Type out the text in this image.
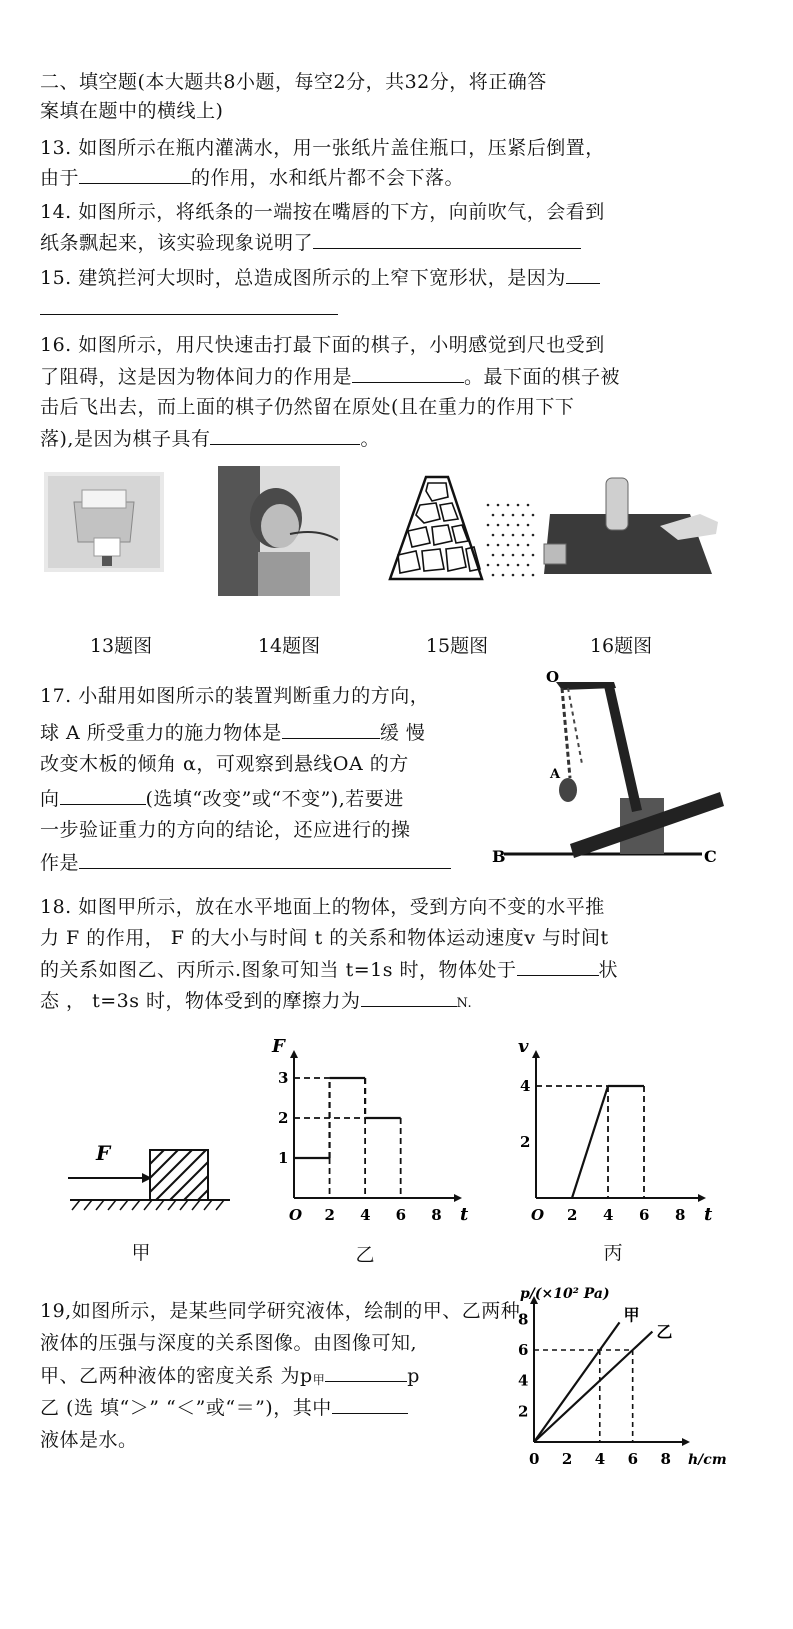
二、填空题(本大题共8小题，每空2分，共32分，将正确答
案填在题中的横线上)
13. 如图所示在瓶内灌满水，用一张纸片盖住瓶口，压紧后倒置，
由于	的作用，水和纸片都不会下落。
14. 如图所示，将纸条的一端按在嘴唇的下方，向前吹气，会看到
纸条飘起来，该实验现象说明了
15. 建筑拦河大坝时，总造成图所示的上窄下宽形状，是因为
16. 如图所示，用尺快速击打最下面的棋子，小明感觉到尺也受到
了阻碍，这是因为物体间力的作用是	。最下面的棋子被
击后飞出去，而上面的棋子仍然留在原处(且在重力的作用下下
落),是因为棋子具有	。
13题图	14题图	15题图	16题图
17. 小甜用如图所示的装置判断重力的方向，
球 A 所受重力的施力物体是	缓 慢
改变木板的倾角 α，可观察到悬线OA 的方
向	(选填“改变”或“不变”),若要进
一步验证重力的方向的结论，还应进行的操
作是	B	C
O
A
18. 如图甲所示，放在水平地面上的物体，受到方向不变的水平推
力 F 的作用， F 的大小与时间 t 的关系和物体运动速度v 与时间t
的关系如图乙、丙所示.图象可知当 t=1s 时，物体处于	状
态 ， t=3s 时，物体受到的摩擦力为	N.
F
t
F
O 2 4 6 8
1
2
3
t
v
O 2 4 6 8
2
4
甲	乙	丙
19,如图所示，是某些同学研究液体，绘制的甲、乙两种
液体的压强与深度的关系图像。由图像可知,
甲、乙两种液体的密度关系 为p甲	p
乙 (选 填“＞” “＜”或“＝”)，其中
液体是水。
h/cm
p/(×10² Pa)
0 2 4 6 8
2
4
6
8	甲
乙
